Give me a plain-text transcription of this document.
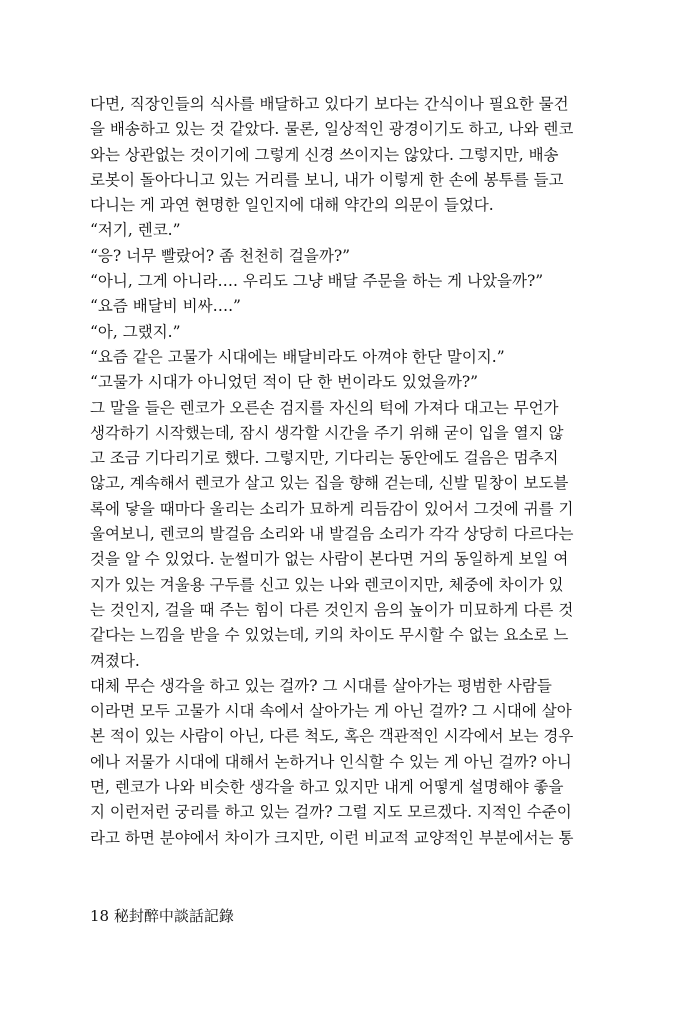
다면, 직장인들의 식사를 배달하고 있다기 보다는 간식이나 필요한 물건
을 배송하고 있는 것 같았다. 물론, 일상적인 광경이기도 하고, 나와 렌코
와는 상관없는 것이기에 그렇게 신경 쓰이지는 않았다. 그렇지만, 배송
로봇이 돌아다니고 있는 거리를 보니, 내가 이렇게 한 손에 봉투를 들고
다니는 게 과연 현명한 일인지에 대해 약간의 의문이 들었다.
“저기, 렌코.”
“응? 너무 빨랐어? 좀 천천히 걸을까?”
“아니, 그게 아니라…. 우리도 그냥 배달 주문을 하는 게 나았을까?”
“요즘 배달비 비싸….”
“아, 그랬지.”
“요즘 같은 고물가 시대에는 배달비라도 아껴야 한단 말이지.”
“고물가 시대가 아니었던 적이 단 한 번이라도 있었을까?”
그 말을 들은 렌코가 오른손 검지를 자신의 턱에 가져다 대고는 무언가
생각하기 시작했는데, 잠시 생각할 시간을 주기 위해 굳이 입을 열지 않
고 조금 기다리기로 했다. 그렇지만, 기다리는 동안에도 걸음은 멈추지
않고, 계속해서 렌코가 살고 있는 집을 향해 걷는데, 신발 밑창이 보도블
록에 닿을 때마다 울리는 소리가 묘하게 리듬감이 있어서 그것에 귀를 기
울여보니, 렌코의 발걸음 소리와 내 발걸음 소리가 각각 상당히 다르다는
것을 알 수 있었다. 눈썰미가 없는 사람이 본다면 거의 동일하게 보일 여
지가 있는 겨울용 구두를 신고 있는 나와 렌코이지만, 체중에 차이가 있
는 것인지, 걸을 때 주는 힘이 다른 것인지 음의 높이가 미묘하게 다른 것
같다는 느낌을 받을 수 있었는데, 키의 차이도 무시할 수 없는 요소로 느
껴졌다.
대체 무슨 생각을 하고 있는 걸까? 그 시대를 살아가는 평범한 사람들
이라면 모두 고물가 시대 속에서 살아가는 게 아닌 걸까? 그 시대에 살아
본 적이 있는 사람이 아닌, 다른 척도, 혹은 객관적인 시각에서 보는 경우
에나 저물가 시대에 대해서 논하거나 인식할 수 있는 게 아닌 걸까? 아니
면, 렌코가 나와 비슷한 생각을 하고 있지만 내게 어떻게 설명해야 좋을
지 이런저런 궁리를 하고 있는 걸까? 그럴 지도 모르겠다. 지적인 수준이
라고 하면 분야에서 차이가 크지만, 이런 비교적 교양적인 부분에서는 통
18 秘封醉中談話記錄
